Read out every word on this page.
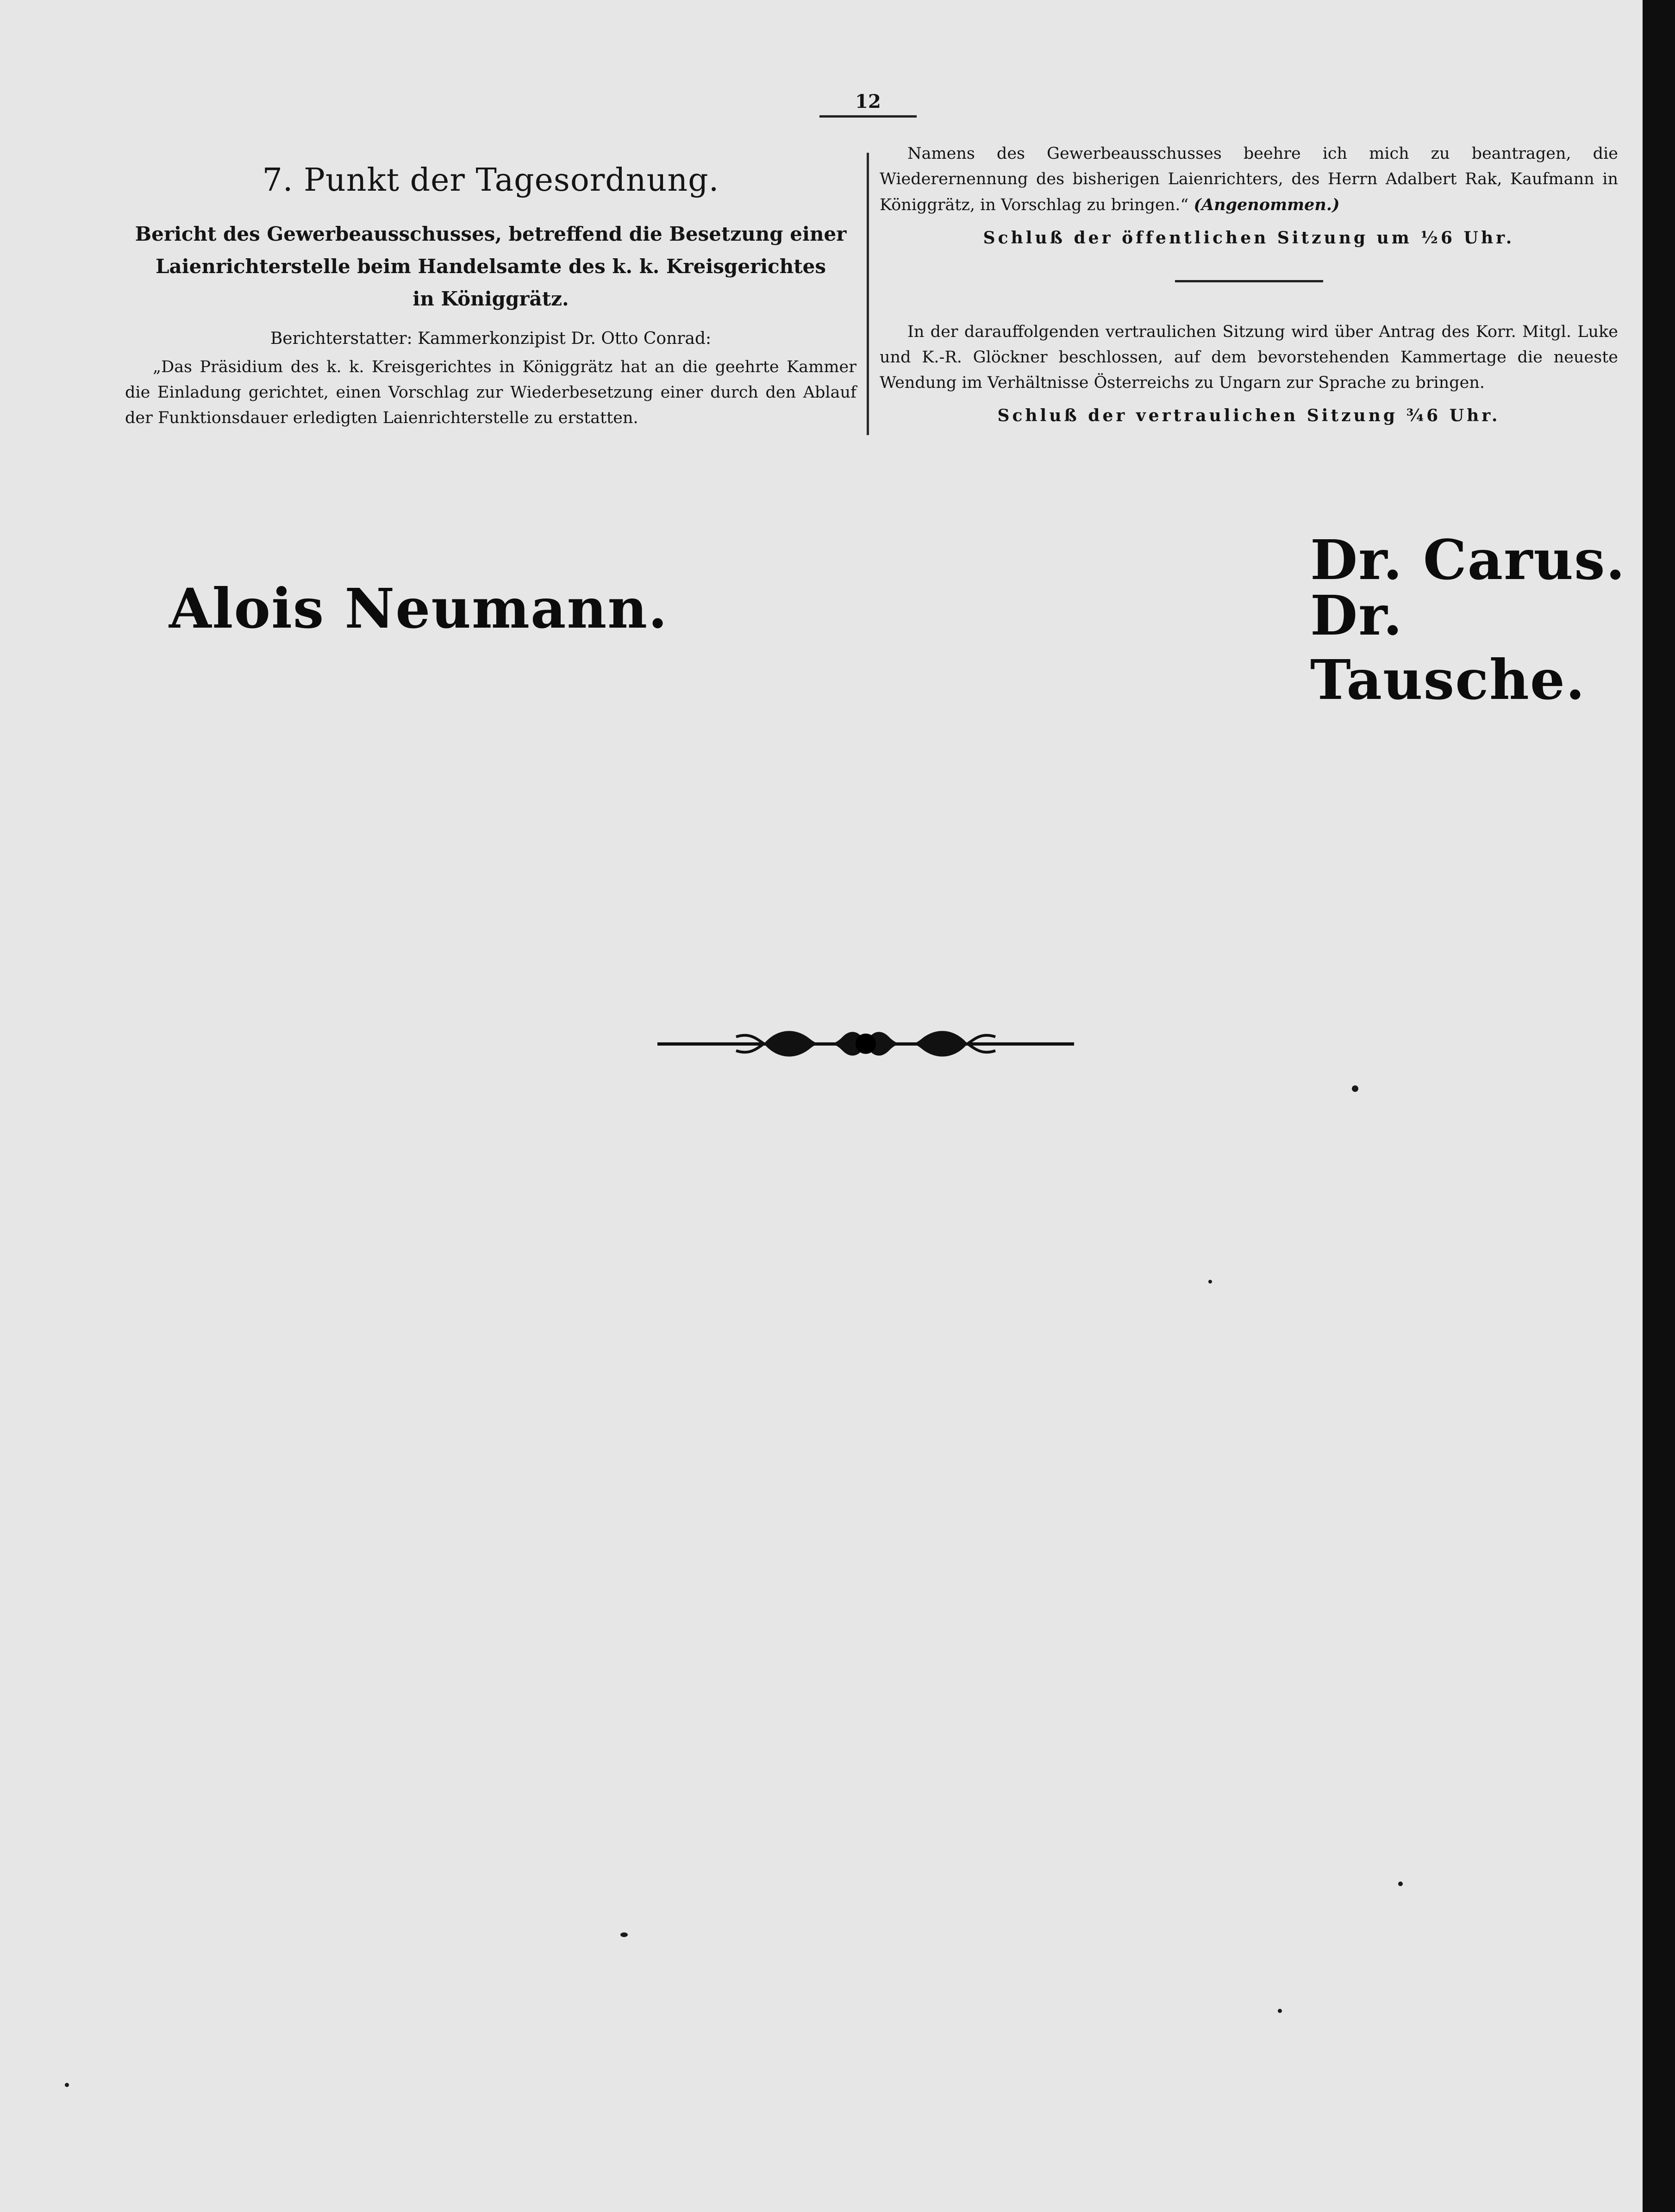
12

7. Punkt der Tagesordnung.

Bericht des Gewerbeausschusses, betreffend die Besetzung einer
Laienrichterstelle beim Handelsamte des k. k. Kreisgerichtes
in Königgrätz.

Berichterstatter: Kammerkonzipist Dr. Otto Conrad:

„Das Präsidium des k. k. Kreisgerichtes in Königgrätz hat an die geehrte Kammer die Einladung gerichtet, einen Vorschlag zur Wiederbesetzung einer durch den Ablauf der Funktionsdauer erledigten Laienrichterstelle zu erstatten.

Namens des Gewerbeausschusses beehre ich mich zu beantragen, die Wiederernennung des bisherigen Laienrichters, des Herrn Adalbert Rak, Kaufmann in Königgrätz, in Vorschlag zu bringen.“ (Angenommen.)

Schluß der öffentlichen Sitzung um ½6 Uhr.

In der darauffolgenden vertraulichen Sitzung wird über Antrag des Korr. Mitgl. Luke und K.-R. Glöckner beschlossen, auf dem bevorstehenden Kammertage die neueste Wendung im Verhältnisse Österreichs zu Ungarn zur Sprache zu bringen.

Schluß der vertraulichen Sitzung ¾6 Uhr.

Alois Neumann.
Dr. Carus.
Dr. Tausche.
